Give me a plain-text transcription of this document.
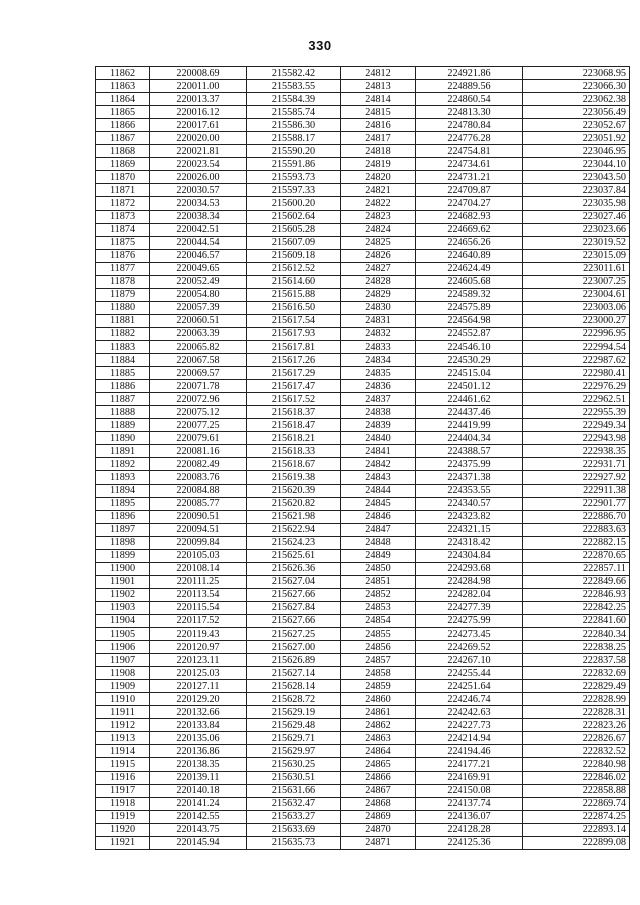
330
11862	220008.69	215582.42	24812	224921.86	223068.95
11863	220011.00	215583.55	24813	224889.56	223066.30
11864	220013.37	215584.39	24814	224860.54	223062.38
11865	220016.12	215585.74	24815	224813.30	223056.49
11866	220017.61	215586.30	24816	224780.84	223052.67
11867	220020.00	215588.17	24817	224776.28	223051.92
11868	220021.81	215590.20	24818	224754.81	223046.95
11869	220023.54	215591.86	24819	224734.61	223044.10
11870	220026.00	215593.73	24820	224731.21	223043.50
11871	220030.57	215597.33	24821	224709.87	223037.84
11872	220034.53	215600.20	24822	224704.27	223035.98
11873	220038.34	215602.64	24823	224682.93	223027.46
11874	220042.51	215605.28	24824	224669.62	223023.66
11875	220044.54	215607.09	24825	224656.26	223019.52
11876	220046.57	215609.18	24826	224640.89	223015.09
11877	220049.65	215612.52	24827	224624.49	223011.61
11878	220052.49	215614.60	24828	224605.68	223007.25
11879	220054.80	215615.88	24829	224589.32	223004.61
11880	220057.39	215616.50	24830	224575.89	223003.06
11881	220060.51	215617.54	24831	224564.98	223000.27
11882	220063.39	215617.93	24832	224552.87	222996.95
11883	220065.82	215617.81	24833	224546.10	222994.54
11884	220067.58	215617.26	24834	224530.29	222987.62
11885	220069.57	215617.29	24835	224515.04	222980.41
11886	220071.78	215617.47	24836	224501.12	222976.29
11887	220072.96	215617.52	24837	224461.62	222962.51
11888	220075.12	215618.37	24838	224437.46	222955.39
11889	220077.25	215618.47	24839	224419.99	222949.34
11890	220079.61	215618.21	24840	224404.34	222943.98
11891	220081.16	215618.33	24841	224388.57	222938.35
11892	220082.49	215618.67	24842	224375.99	222931.71
11893	220083.76	215619.38	24843	224371.38	222927.92
11894	220084.88	215620.39	24844	224353.55	222911.38
11895	220085.77	215620.82	24845	224340.57	222901.77
11896	220090.51	215621.98	24846	224323.82	222886.70
11897	220094.51	215622.94	24847	224321.15	222883.63
11898	220099.84	215624.23	24848	224318.42	222882.15
11899	220105.03	215625.61	24849	224304.84	222870.65
11900	220108.14	215626.36	24850	224293.68	222857.11
11901	220111.25	215627.04	24851	224284.98	222849.66
11902	220113.54	215627.66	24852	224282.04	222846.93
11903	220115.54	215627.84	24853	224277.39	222842.25
11904	220117.52	215627.66	24854	224275.99	222841.60
11905	220119.43	215627.25	24855	224273.45	222840.34
11906	220120.97	215627.00	24856	224269.52	222838.25
11907	220123.11	215626.89	24857	224267.10	222837.58
11908	220125.03	215627.14	24858	224255.44	222832.69
11909	220127.11	215628.14	24859	224251.64	222829.49
11910	220129.20	215628.72	24860	224246.74	222828.99
11911	220132.66	215629.19	24861	224242.63	222828.31
11912	220133.84	215629.48	24862	224227.73	222823.26
11913	220135.06	215629.71	24863	224214.94	222826.67
11914	220136.86	215629.97	24864	224194.46	222832.52
11915	220138.35	215630.25	24865	224177.21	222840.98
11916	220139.11	215630.51	24866	224169.91	222846.02
11917	220140.18	215631.66	24867	224150.08	222858.88
11918	220141.24	215632.47	24868	224137.74	222869.74
11919	220142.55	215633.27	24869	224136.07	222874.25
11920	220143.75	215633.69	24870	224128.28	222893.14
11921	220145.94	215635.73	24871	224125.36	222899.08
